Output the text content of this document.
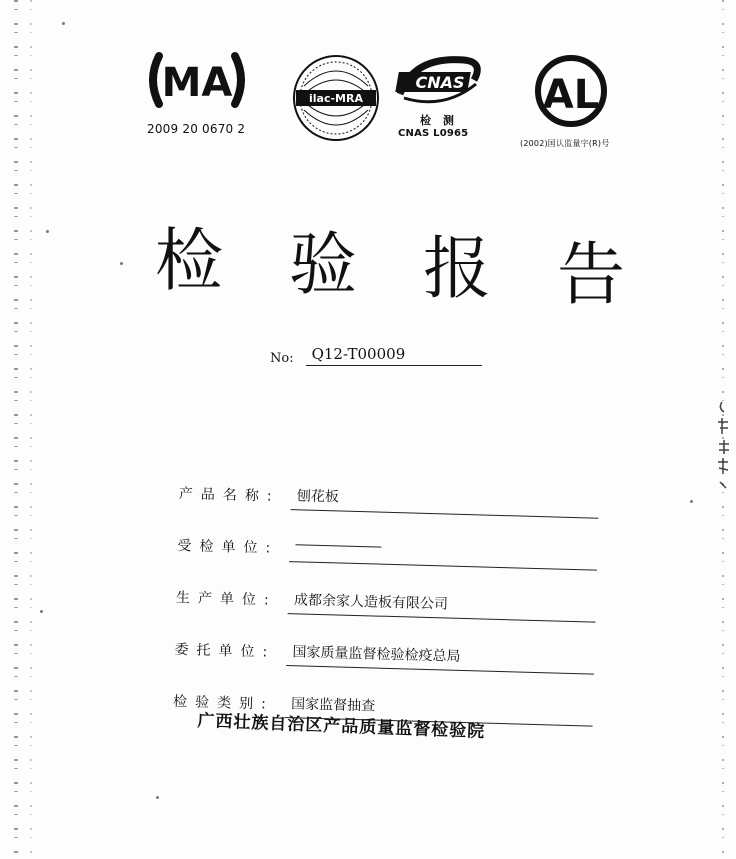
MA
2009 20 0670 2
ilac-MRA
CNAS
检 测
CNAS L0965
AL
(2002)国认监量字(R)号
检 验 报 告
No:	Q12-T00009
产品名称:	刨花板
受检单位:
生产单位:	成都余家人造板有限公司
委托单位:	国家质量监督检验检疫总局
检验类别:	国家监督抽查
广西壮族自治区产品质量监督检验院
